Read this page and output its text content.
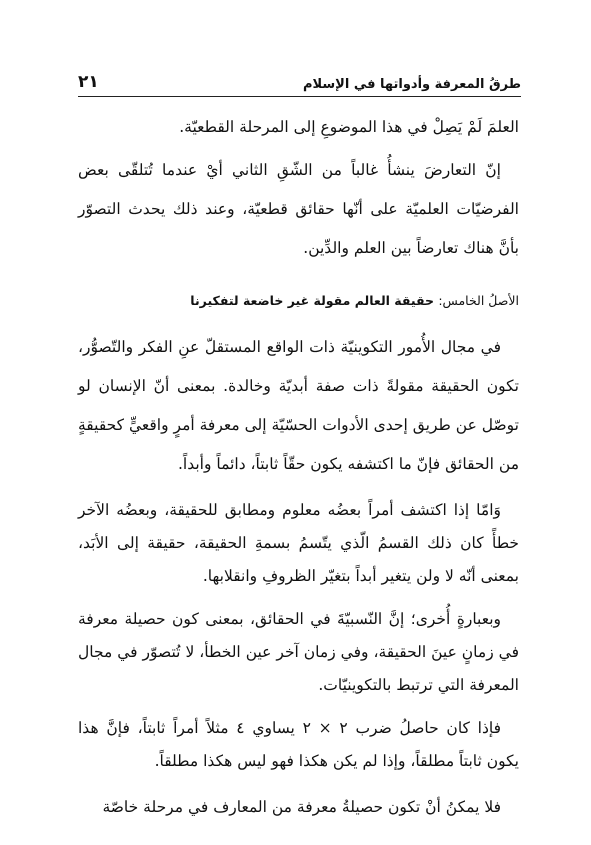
طرقُ المعرفة وأدواتها في الإسلام
٢١

العلمَ لَمْ يَصِلْ في هذا الموضوعِ إلى المرحلة القطعيّة.

إنّ التعارضَ ينشأُ غالباً من الشّقِ الثاني أيْ عندما تُتلقّى بعض الفرضيّات العلميّة على أنّها حقائق قطعيّة، وعند ذلك يحدث التصوّر بأنَّ هناك تعارضاً بين العلم والدِّين.

الأصلُ الخامس: حقيقة العالم مقولة غير خاضعة لتفكيرنا

في مجال الأُمور التكوينيّة ذات الواقع المستقلّ عنِ الفكر والتّصوُّر، تكون الحقيقة مقولةً ذات صفة أبديّة وخالدة. بمعنى أنّ الإنسان لو توصّل عن طريق إحدى الأدوات الحسّيّة إلى معرفة أمرٍ واقعيٍّ كحقيقةٍ من الحقائق فإنّ ما اكتشفه يكون حقّاً ثابتاً، دائماً وأبداً.

وَامّا إذا اكتشف أمراً بعضُه معلوم ومطابق للحقيقة، وبعضُه الآخر خطأً كان ذلك القسمُ الّذي يتّسمُ بسمةِ الحقيقة، حقيقة إلى الأبَد، بمعنى أنّه لا ولن يتغير أبداً بتغيّر الظروفِ وانقلابها.

وبعبارةٍ أُخرى؛ إنَّ النّسبيّةَ في الحقائق، بمعنى كون حصيلة معرفة في زمانٍ عينَ الحقيقة، وفي زمان آخر عين الخطأ، لا تُتصوّر في مجال المعرفة التي ترتبط بالتكوينيّات.

فإذا كان حاصلُ ضرب ٢ × ٢ يساوي ٤ مثلاً أمراً ثابتاً، فإنَّ هذا يكون ثابتاً مطلقاً، وإذا لم يكن هكذا فهو ليس هكذا مطلقاً.

فلا يمكنُ أنْ تكون حصيلةُ معرفة من المعارف في مرحلة خاصّة
